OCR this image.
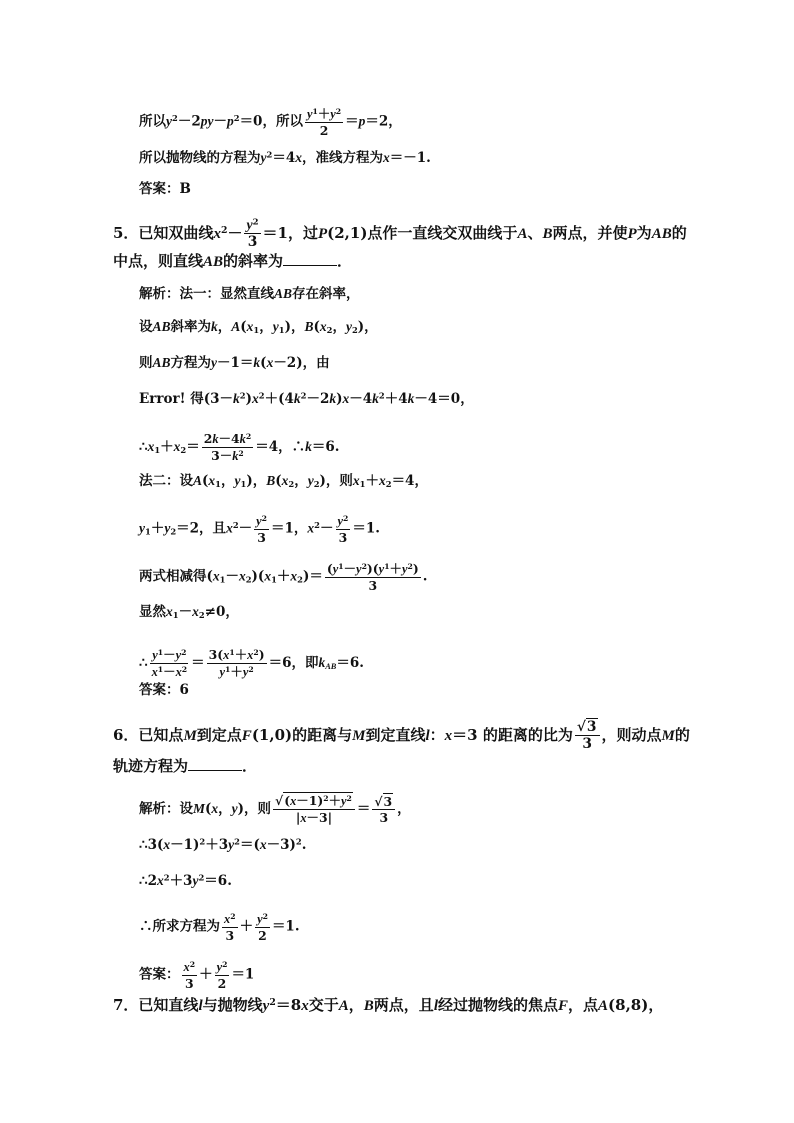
所以$y^2-2py-p^2=0$，所以 $\frac{y^1+y^2}{2} =p=2$，
所以抛物线的方程为$y^2=4x$，准线方程为x＝－1.
答案：B
5．已知双曲线$x^2- \frac{y^2}{3} =1$，过P(2,1)点作一直线交双曲线于A、B两点，并使P为AB的
中点，则直线AB的斜率为	．
解析：法一：显然直线AB存在斜率，
设AB斜率为k，$A(x_1$，$y_1$)，$B(x_2$，$y_2$)，
则AB方程为y－1＝k(x－2)，由
Error! 得$(3-k^2)x^2+(4k^2-2k)x-4k^2+4k-4=0$，
$\therefore x_1+x_2= \frac{2k-4k^2}{3-k^2} =4$，∴k＝6.
法二：设$A(x_1$，$y_1$)，$B(x_2$，$y_2$)，则$x_1+x_2=4$，
$y_1+y_2=2$，且$x^2- \frac{y^2}{3} =1$，$x^2- \frac{y^2}{3} =1$.
两式相减得$(x_1-x_2)(x_1+x_2)= \frac{(y^1-y^2)(y^1+y^2)}{3}$ .
显然$x_1-x_2\ne 0$，
∴ $\frac{y^1-y^2}{x^1-x^2} = \frac{3(x^1+x^2)}{y^1+y^2} =6$，即$k_{AB}=6$.
答案：6
6．已知点M到定点F(1,0)的距离与M到定直线l：x＝3 的距离的比为 $\frac{√3}{3}$ ，则动点M的
轨迹方程为	．
解析：设M(x，y)，则 $\frac{√(x-1)^2+y^2}{|x-3|} = \frac{√3}{3}$ ，
$\therefore 3(x-1)^2+3y^2=(x-3)^2$.
$\therefore 2x^2+3y^2=6$.
∴所求方程为 $\frac{x^2}{3} + \frac{y^2}{2} =1$.
答案： $\frac{x^2}{3} + \frac{y^2}{2} =1$
7．已知直线l与抛物线$y^2=8x$交于A，B两点，且l经过抛物线的焦点F，点A(8,8)，
